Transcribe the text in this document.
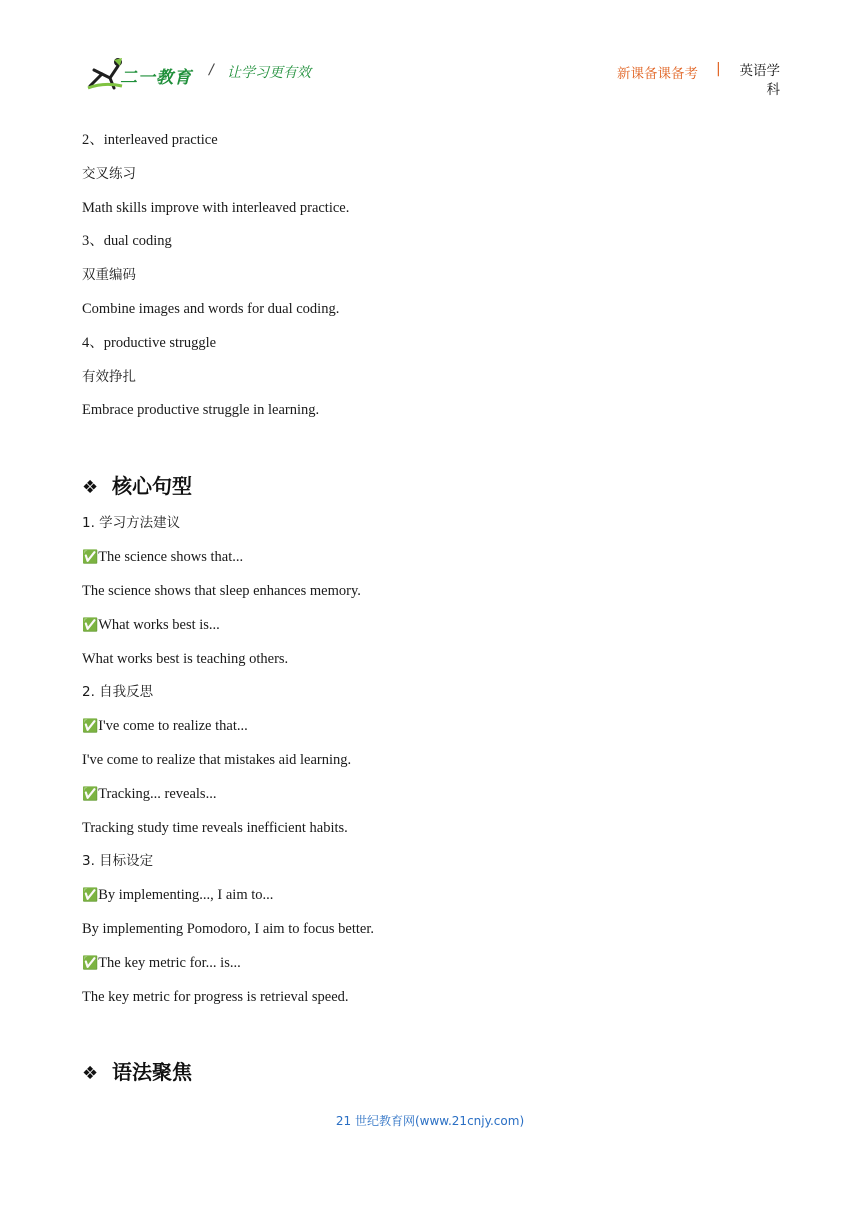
二一教育 / 让学习更有效	新课备课备考 |	英语学科
2、interleaved practice
交叉练习
Math skills improve with interleaved practice.
3、dual coding
双重编码
Combine images and words for dual coding.
4、productive struggle
有效挣扎
Embrace productive struggle in learning.
❖ 核心句型
1. 学习方法建议
✅The science shows that...
The science shows that sleep enhances memory.
✅What works best is...
What works best is teaching others.
2. 自我反思
✅I've come to realize that...
I've come to realize that mistakes aid learning.
✅Tracking... reveals...
Tracking study time reveals inefficient habits.
3. 目标设定
✅By implementing..., I aim to...
By implementing Pomodoro, I aim to focus better.
✅The key metric for... is...
The key metric for progress is retrieval speed.
❖ 语法聚焦
21 世纪教育网(www.21cnjy.com)
